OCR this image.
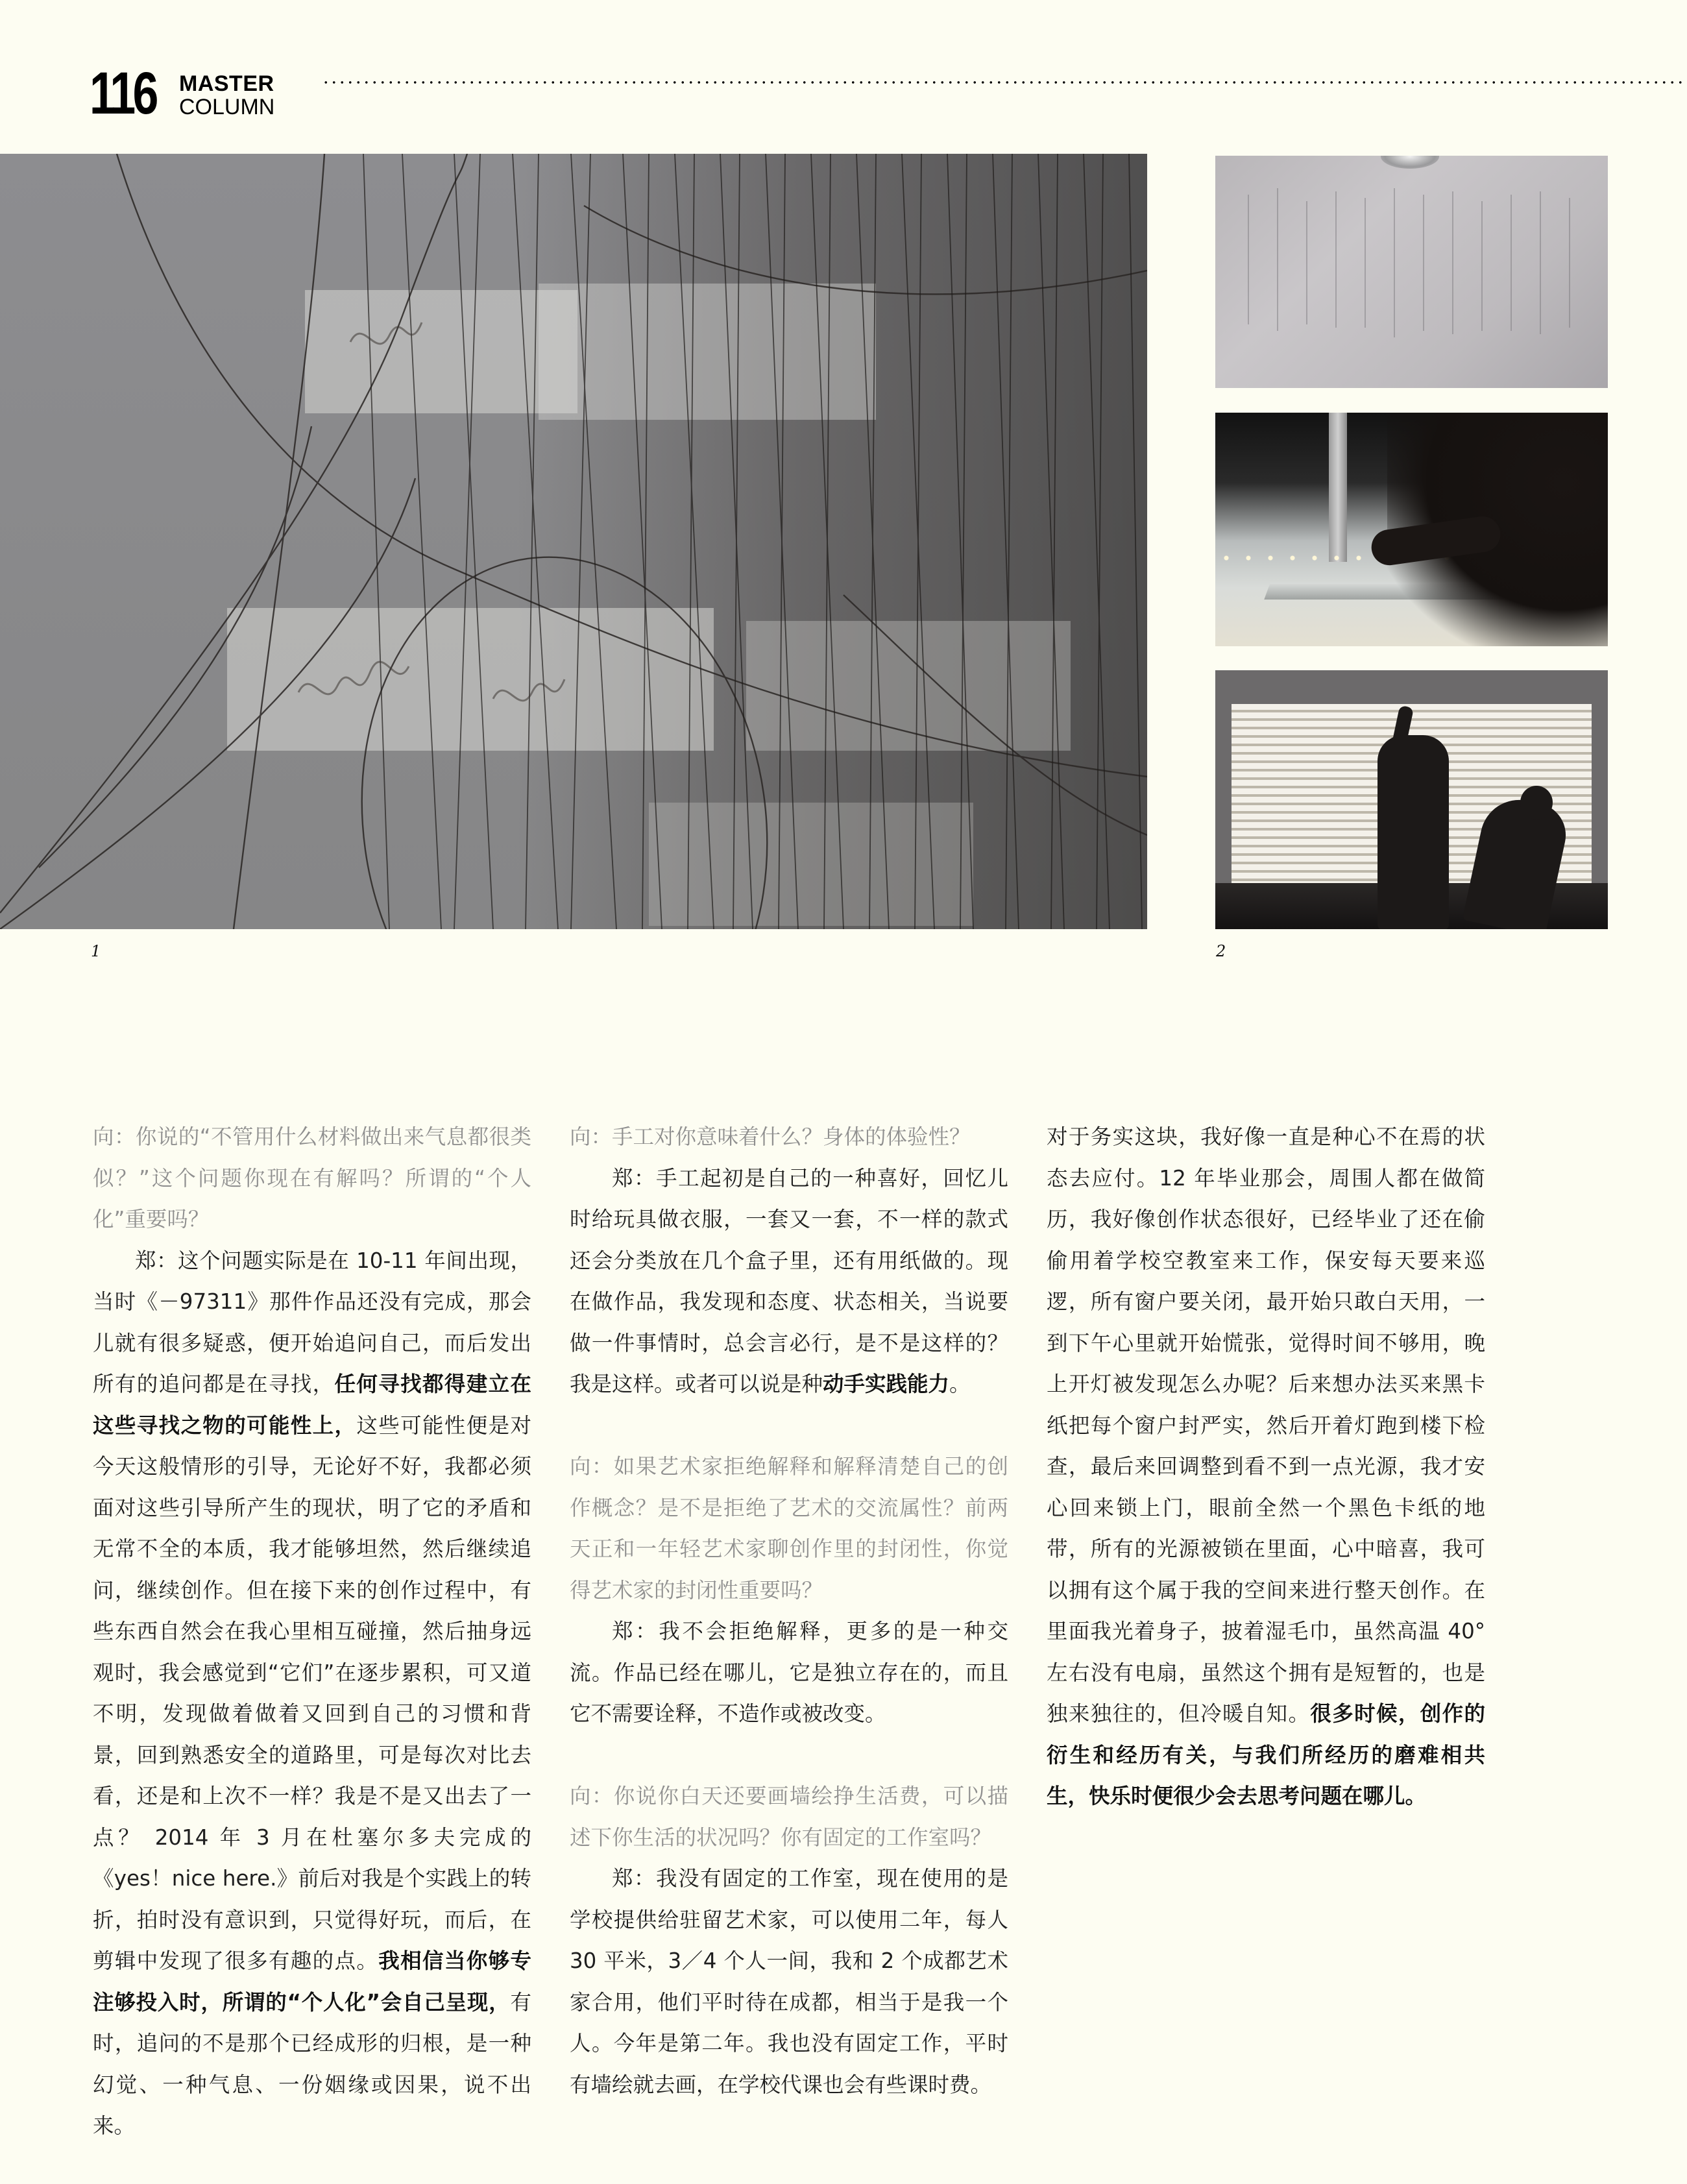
116 MASTER
COLUMN
1	2

向：你说的“不管用什么材料做出来气息都很类似？”这个问题你现在有解吗？所谓的“个人化”重要吗？

郑：这个问题实际是在 10-11 年间出现，当时《－97311》那件作品还没有完成，那会儿就有很多疑惑，便开始追问自己，而后发出所有的追问都是在寻找，任何寻找都得建立在这些寻找之物的可能性上，这些可能性便是对今天这般情形的引导，无论好不好，我都必须面对这些引导所产生的现状，明了它的矛盾和无常不全的本质，我才能够坦然，然后继续追问，继续创作。但在接下来的创作过程中，有些东西自然会在我心里相互碰撞，然后抽身远观时，我会感觉到“它们”在逐步累积，可又道不明，发现做着做着又回到自己的习惯和背景，回到熟悉安全的道路里，可是每次对比去看，还是和上次不一样？我是不是又出去了一点？ 2014 年 3 月在杜塞尔多夫完成的《yes！nice here.》前后对我是个实践上的转折，拍时没有意识到，只觉得好玩，而后，在剪辑中发现了很多有趣的点。我相信当你够专注够投入时，所谓的“个人化”会自己呈现，有时，追问的不是那个已经成形的归根，是一种幻觉、一种气息、一份姻缘或因果，说不出来。

向：手工对你意味着什么？身体的体验性？

郑：手工起初是自己的一种喜好，回忆儿时给玩具做衣服，一套又一套，不一样的款式还会分类放在几个盒子里，还有用纸做的。现在做作品，我发现和态度、状态相关，当说要做一件事情时，总会言必行，是不是这样的？我是这样。或者可以说是种动手实践能力。

向：如果艺术家拒绝解释和解释清楚自己的创作概念？是不是拒绝了艺术的交流属性？前两天正和一年轻艺术家聊创作里的封闭性，你觉得艺术家的封闭性重要吗？

郑：我不会拒绝解释，更多的是一种交流。作品已经在哪儿，它是独立存在的，而且它不需要诠释，不造作或被改变。

向：你说你白天还要画墙绘挣生活费，可以描述下你生活的状况吗？你有固定的工作室吗？

郑：我没有固定的工作室，现在使用的是学校提供给驻留艺术家，可以使用二年，每人 30 平米，3／4 个人一间，我和 2 个成都艺术家合用，他们平时待在成都，相当于是我一个人。今年是第二年。我也没有固定工作，平时有墙绘就去画，在学校代课也会有些课时费。

对于务实这块，我好像一直是种心不在焉的状态去应付。12 年毕业那会，周围人都在做简历，我好像创作状态很好，已经毕业了还在偷偷用着学校空教室来工作，保安每天要来巡逻，所有窗户要关闭，最开始只敢白天用，一到下午心里就开始慌张，觉得时间不够用，晚上开灯被发现怎么办呢？后来想办法买来黑卡纸把每个窗户封严实，然后开着灯跑到楼下检查，最后来回调整到看不到一点光源，我才安心回来锁上门，眼前全然一个黑色卡纸的地带，所有的光源被锁在里面，心中暗喜，我可以拥有这个属于我的空间来进行整天创作。在里面我光着身子，披着湿毛巾，虽然高温 40° 左右没有电扇，虽然这个拥有是短暂的，也是独来独往的，但冷暖自知。很多时候，创作的衍生和经历有关，与我们所经历的磨难相共生，快乐时便很少会去思考问题在哪儿。
